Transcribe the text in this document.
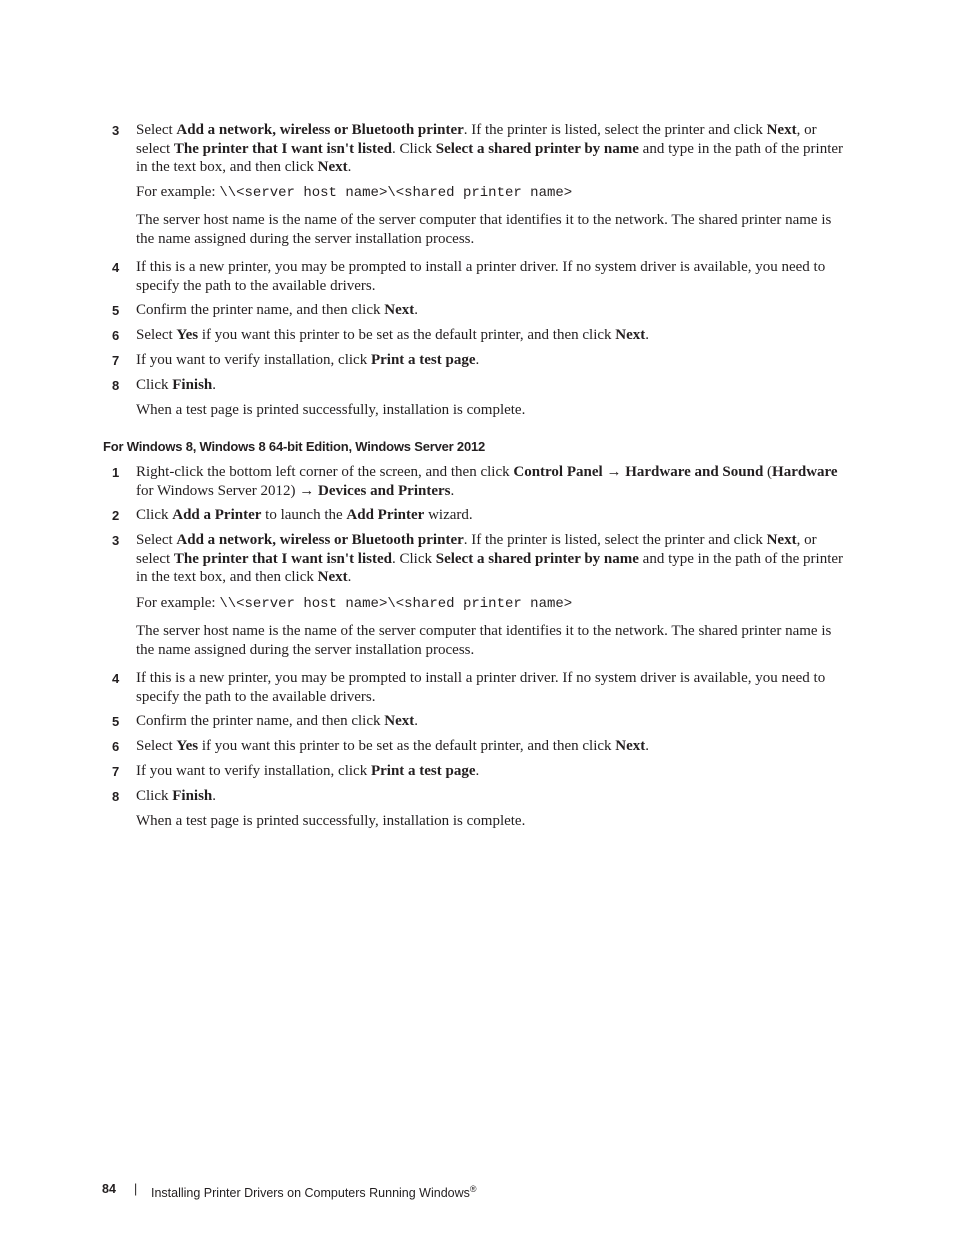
3 Select Add a network, wireless or Bluetooth printer. If the printer is listed, select the printer and click Next, or select The printer that I want isn't listed. Click Select a shared printer by name and type in the path of the printer in the text box, and then click Next.
For example: \\<server host name>\<shared printer name>
The server host name is the name of the server computer that identifies it to the network. The shared printer name is the name assigned during the server installation process.
4 If this is a new printer, you may be prompted to install a printer driver. If no system driver is available, you need to specify the path to the available drivers.
5 Confirm the printer name, and then click Next.
6 Select Yes if you want this printer to be set as the default printer, and then click Next.
7 If you want to verify installation, click Print a test page.
8 Click Finish.
When a test page is printed successfully, installation is complete.
For Windows 8, Windows 8 64-bit Edition, Windows Server 2012
1 Right-click the bottom left corner of the screen, and then click Control Panel → Hardware and Sound (Hardware for Windows Server 2012) → Devices and Printers.
2 Click Add a Printer to launch the Add Printer wizard.
3 Select Add a network, wireless or Bluetooth printer. If the printer is listed, select the printer and click Next, or select The printer that I want isn't listed. Click Select a shared printer by name and type in the path of the printer in the text box, and then click Next.
For example: \\<server host name>\<shared printer name>
The server host name is the name of the server computer that identifies it to the network. The shared printer name is the name assigned during the server installation process.
4 If this is a new printer, you may be prompted to install a printer driver. If no system driver is available, you need to specify the path to the available drivers.
5 Confirm the printer name, and then click Next.
6 Select Yes if you want this printer to be set as the default printer, and then click Next.
7 If you want to verify installation, click Print a test page.
8 Click Finish.
When a test page is printed successfully, installation is complete.
84 | Installing Printer Drivers on Computers Running Windows®
